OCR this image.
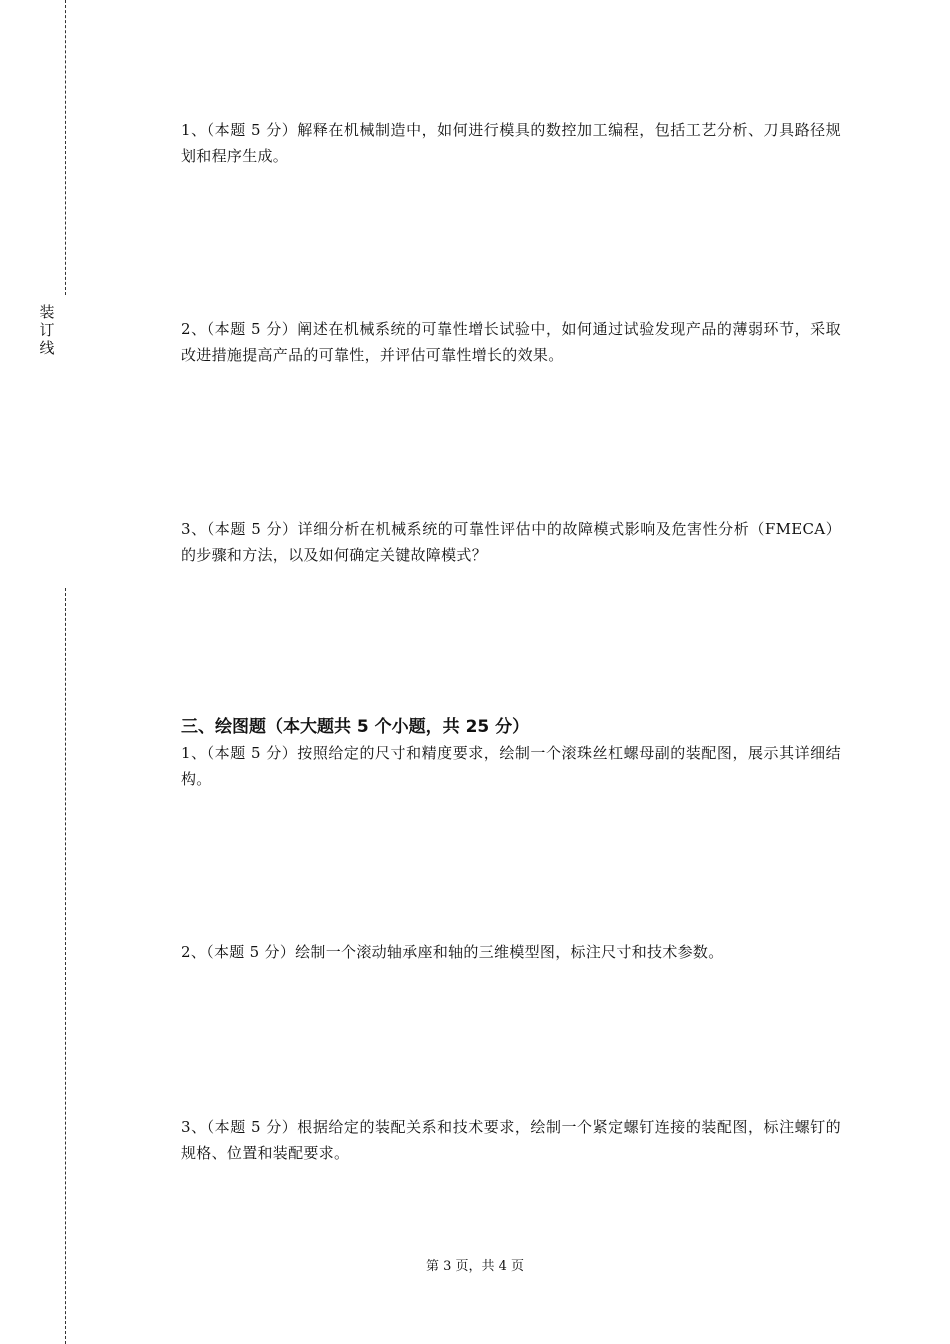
装
订
线
1、（本题 5 分）解释在机械制造中，如何进行模具的数控加工编程，包括工艺分析、刀具路径规划和程序生成。
2、（本题 5 分）阐述在机械系统的可靠性增长试验中，如何通过试验发现产品的薄弱环节，采取改进措施提高产品的可靠性，并评估可靠性增长的效果。
3、（本题 5 分）详细分析在机械系统的可靠性评估中的故障模式影响及危害性分析（FMECA）的步骤和方法，以及如何确定关键故障模式？
三、绘图题（本大题共 5 个小题，共 25 分）
1、（本题 5 分）按照给定的尺寸和精度要求，绘制一个滚珠丝杠螺母副的装配图，展示其详细结构。
2、（本题 5 分）绘制一个滚动轴承座和轴的三维模型图，标注尺寸和技术参数。
3、（本题 5 分）根据给定的装配关系和技术要求，绘制一个紧定螺钉连接的装配图，标注螺钉的规格、位置和装配要求。
第 3 页，共 4 页
